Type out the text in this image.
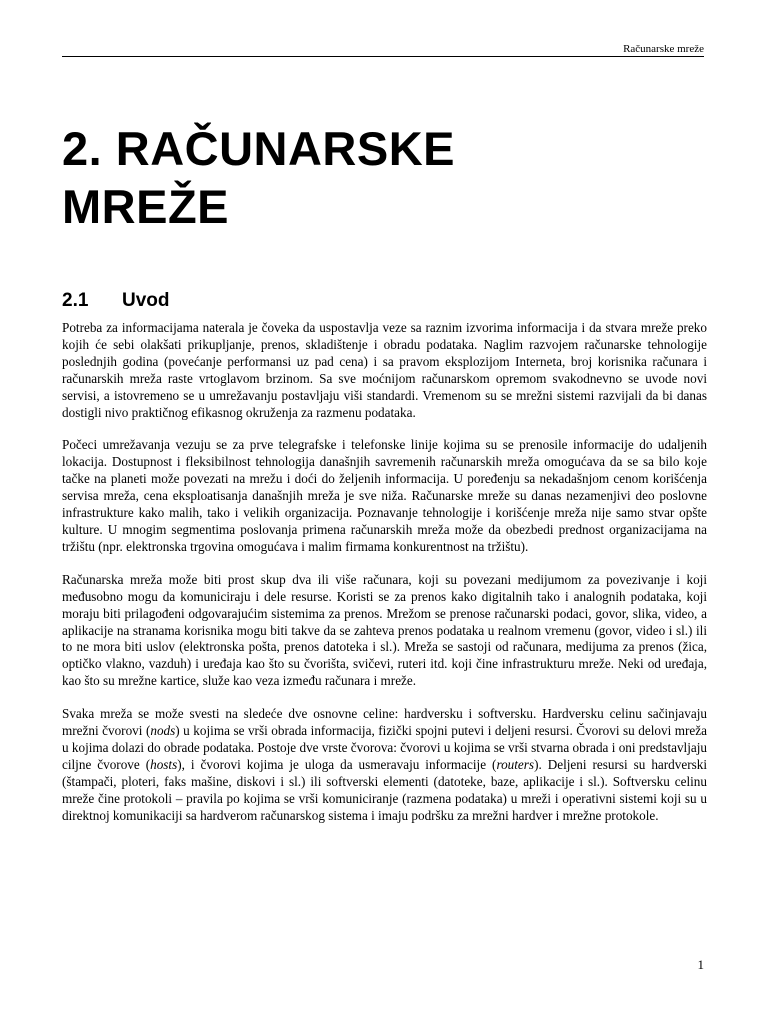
Računarske mreže
2. RAČUNARSKE
MREŽE
2.1 Uvod

Potreba za informacijama naterala je čoveka da uspostavlja veze sa raznim izvorima informacija i da stvara mreže preko kojih će sebi olakšati prikupljanje, prenos, skladištenje i obradu podataka. Naglim razvojem računarske tehnologije poslednjih godina (povećanje performansi uz pad cena) i sa pravom eksplozijom Interneta, broj korisnika računara i računarskih mreža raste vrtoglavom brzinom. Sa sve moćnijom računarskom opremom svakodnevno se uvode novi servisi, a istovremeno se u umrežavanju postavljaju viši standardi. Vremenom su se mrežni sistemi razvijali da bi danas dostigli nivo praktičnog efikasnog okruženja za razmenu podataka.

Počeci umrežavanja vezuju se za prve telegrafske i telefonske linije kojima su se prenosile informacije do udaljenih lokacija. Dostupnost i fleksibilnost tehnologija današnjih savremenih računarskih mreža omogućava da se sa bilo koje tačke na planeti može povezati na mrežu i doći do željenih informacija. U poređenju sa nekadašnjom cenom korišćenja servisa mreža, cena eksploatisanja današnjih mreža je sve niža. Računarske mreže su danas nezamenjivi deo poslovne infrastrukture kako malih, tako i velikih organizacija. Poznavanje tehnologije i korišćenje mreža nije samo stvar opšte kulture. U mnogim segmentima poslovanja primena računarskih mreža može da obezbedi prednost organizacijama na tržištu (npr. elektronska trgovina omogućava i malim firmama konkurentnost na tržištu).

Računarska mreža može biti prost skup dva ili više računara, koji su povezani medijumom za povezivanje i koji međusobno mogu da komuniciraju i dele resurse. Koristi se za prenos kako digitalnih tako i analognih podataka, koji moraju biti prilagođeni odgovarajućim sistemima za prenos. Mrežom se prenose računarski podaci, govor, slika, video, a aplikacije na stranama korisnika mogu biti takve da se zahteva prenos podataka u realnom vremenu (govor, video i sl.) ili to ne mora biti uslov (elektronska pošta, prenos datoteka i sl.). Mreža se sastoji od računara, medijuma za prenos (žica, optičko vlakno, vazduh) i uređaja kao što su čvorišta, svičevi, ruteri itd. koji čine infrastrukturu mreže. Neki od uređaja, kao što su mrežne kartice, služe kao veza između računara i mreže.

Svaka mreža se može svesti na sledeće dve osnovne celine: hardversku i softversku. Hardversku celinu sačinjavaju mrežni čvorovi (nods) u kojima se vrši obrada informacija, fizički spojni putevi i deljeni resursi. Čvorovi su delovi mreža u kojima dolazi do obrade podataka. Postoje dve vrste čvorova: čvorovi u kojima se vrši stvarna obrada i oni predstavljaju ciljne čvorove (hosts), i čvorovi kojima je uloga da usmeravaju informacije (routers). Deljeni resursi su hardverski (štampači, ploteri, faks mašine, diskovi i sl.) ili softverski elementi (datoteke, baze, aplikacije i sl.). Softversku celinu mreže čine protokoli – pravila po kojima se vrši komuniciranje (razmena podataka) u mreži i operativni sistemi koji su u direktnoj komunikaciji sa hardverom računarskog sistema i imaju podršku za mrežni hardver i mrežne protokole.

1
